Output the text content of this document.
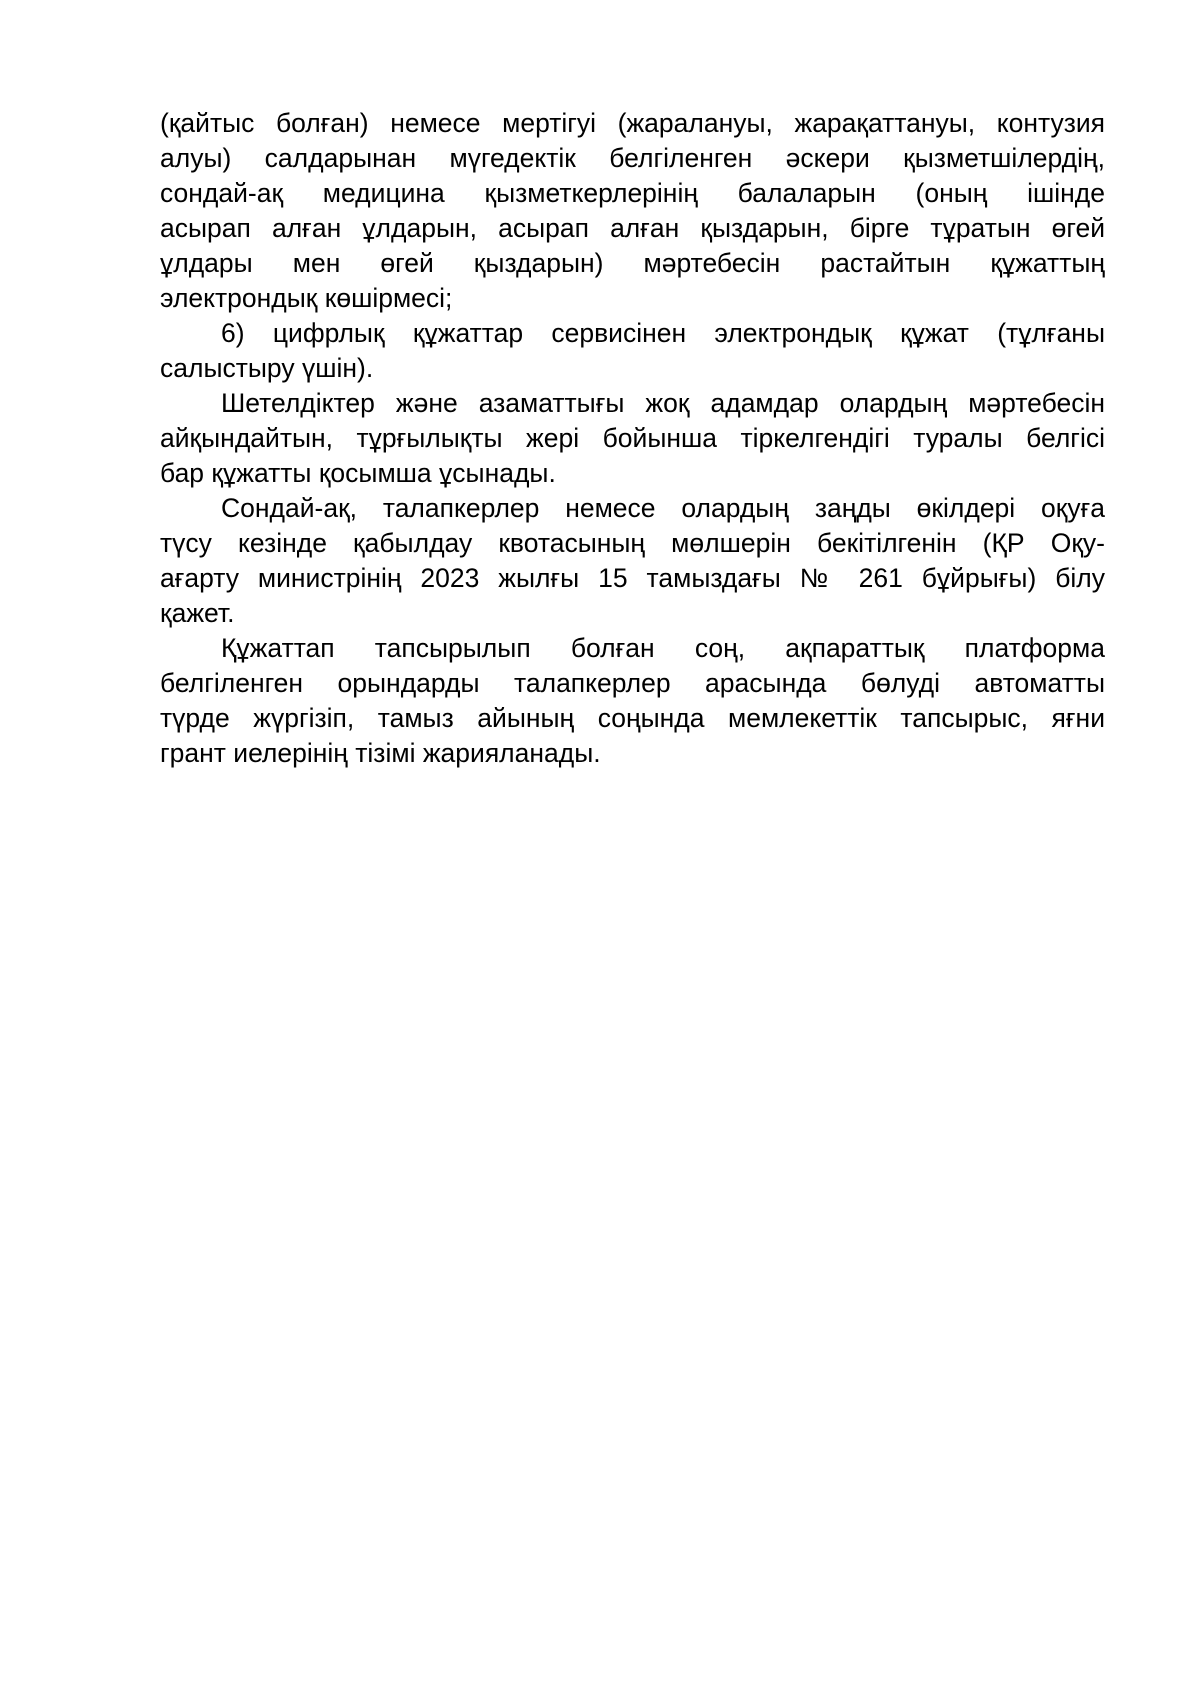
(қайтыс болған) немесе мертігуі (жаралануы, жарақаттануы, контузия
алуы) салдарынан мүгедектік белгіленген әскери қызметшілердің,
сондай-ақ медицина қызметкерлерінің балаларын (оның ішінде
асырап алған ұлдарын, асырап алған қыздарын, бірге тұратын өгей
ұлдары мен өгей қыздарын) мәртебесін растайтын құжаттың
электрондық көшірмесі;
6) цифрлық құжаттар сервисінен электрондық құжат (тұлғаны
салыстыру үшін).
Шетелдіктер және азаматтығы жоқ адамдар олардың мәртебесін
айқындайтын, тұрғылықты жері бойынша тіркелгендігі туралы белгісі
бар құжатты қосымша ұсынады.
Сондай-ақ, талапкерлер немесе олардың заңды өкілдері оқуға
түсу кезінде қабылдау квотасының мөлшерін бекітілгенін (ҚР Оқу-
ағарту министрінің 2023 жылғы 15 тамыздағы № 261 бұйрығы) білу
қажет.
Құжаттап тапсырылып болған соң, ақпараттық платформа
белгіленген орындарды талапкерлер арасында бөлуді автоматты
түрде жүргізіп, тамыз айының соңында мемлекеттік тапсырыс, яғни
грант иелерінің тізімі жарияланады.
